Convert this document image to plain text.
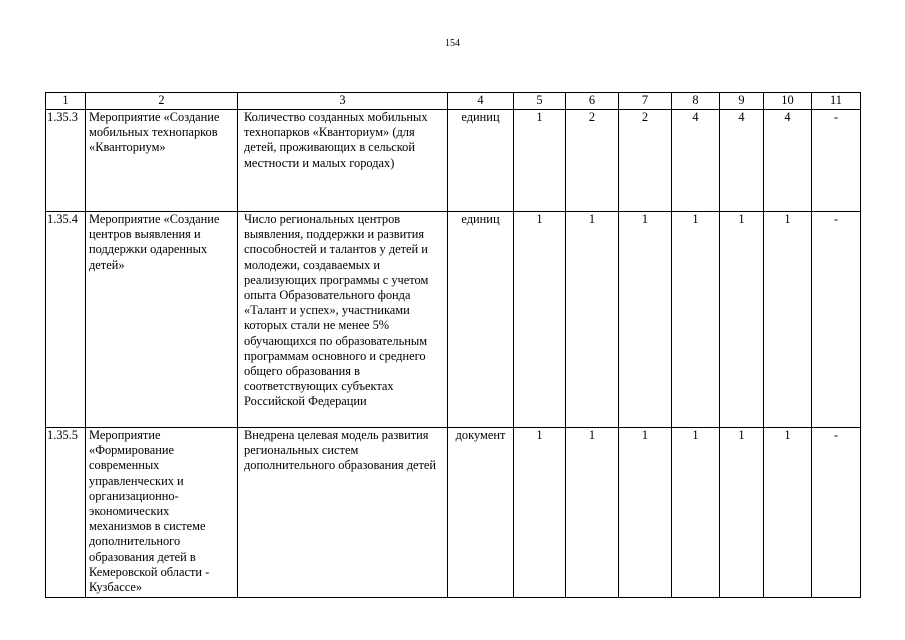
154
1	2	3	4	5	6	7	8	9	10	11
1.35.3	Мероприятие «Создание мобильных технопарков «Кванториум»	Количество созданных мобильных технопарков «Кванториум» (для детей, проживающих в сельской местности и малых городах)	единиц	1	2	2	4	4	4	-
1.35.4	Мероприятие «Создание центров выявления и поддержки одаренных детей»	Число региональных центров выявления, поддержки и развития способностей и талантов у детей и молодежи, создаваемых и реализующих программы с учетом опыта Образовательного фонда «Талант и успех», участниками которых стали не менее 5% обучающихся по образовательным программам основного и среднего общего образования в соответствующих субъектах Российской Федерации	единиц	1	1	1	1	1	1	-
1.35.5	Мероприятие «Формирование современных управленческих и организационно-экономических механизмов в системе дополнительного образования детей в Кемеровской области - Кузбассе»	Внедрена целевая модель развития региональных систем дополнительного образования детей	документ	1	1	1	1	1	1	-
